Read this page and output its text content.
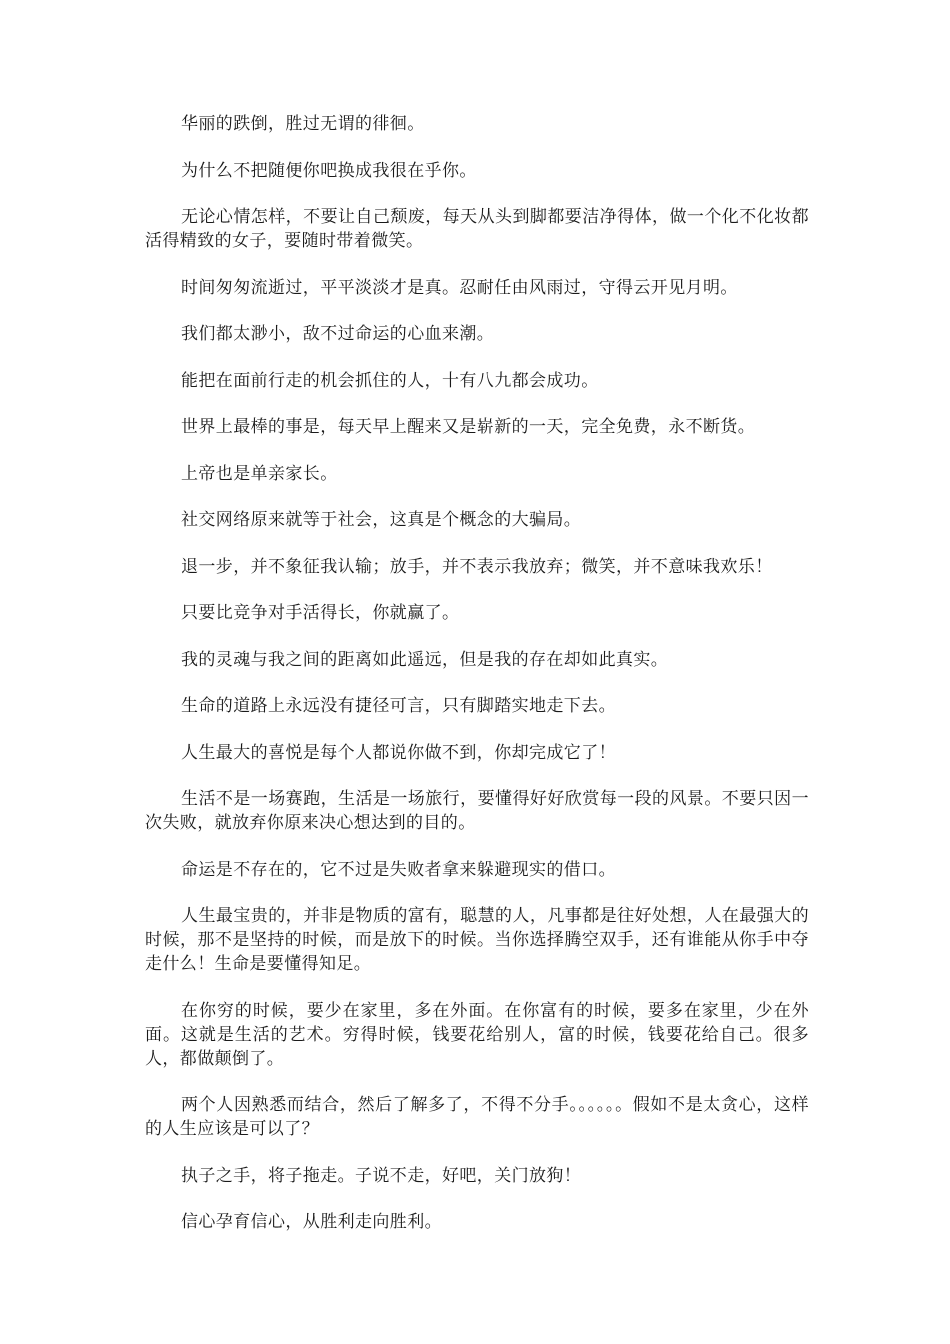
华丽的跌倒，胜过无谓的徘徊。

为什么不把随便你吧换成我很在乎你。

无论心情怎样，不要让自己颓废，每天从头到脚都要洁净得体，做一个化不化妆都活得精致的女子，要随时带着微笑。

时间匆匆流逝过，平平淡淡才是真。忍耐任由风雨过，守得云开见月明。

我们都太渺小，敌不过命运的心血来潮。

能把在面前行走的机会抓住的人，十有八九都会成功。

世界上最棒的事是，每天早上醒来又是崭新的一天，完全免费，永不断货。

上帝也是单亲家长。

社交网络原来就等于社会，这真是个概念的大骗局。

退一步，并不象征我认输；放手，并不表示我放弃；微笑，并不意味我欢乐！

只要比竞争对手活得长，你就赢了。

我的灵魂与我之间的距离如此遥远，但是我的存在却如此真实。

生命的道路上永远没有捷径可言，只有脚踏实地走下去。

人生最大的喜悦是每个人都说你做不到，你却完成它了！

生活不是一场赛跑，生活是一场旅行，要懂得好好欣赏每一段的风景。不要只因一次失败，就放弃你原来决心想达到的目的。

命运是不存在的，它不过是失败者拿来躲避现实的借口。

人生最宝贵的，并非是物质的富有，聪慧的人，凡事都是往好处想，人在最强大的时候，那不是坚持的时候，而是放下的时候。当你选择腾空双手，还有谁能从你手中夺走什么！生命是要懂得知足。

在你穷的时候，要少在家里，多在外面。在你富有的时候，要多在家里，少在外面。这就是生活的艺术。穷得时候，钱要花给别人，富的时候，钱要花给自己。很多人，都做颠倒了。

两个人因熟悉而结合，然后了解多了，不得不分手。。。。。。假如不是太贪心，这样的人生应该是可以了？

执子之手，将子拖走。子说不走，好吧，关门放狗！

信心孕育信心，从胜利走向胜利。
